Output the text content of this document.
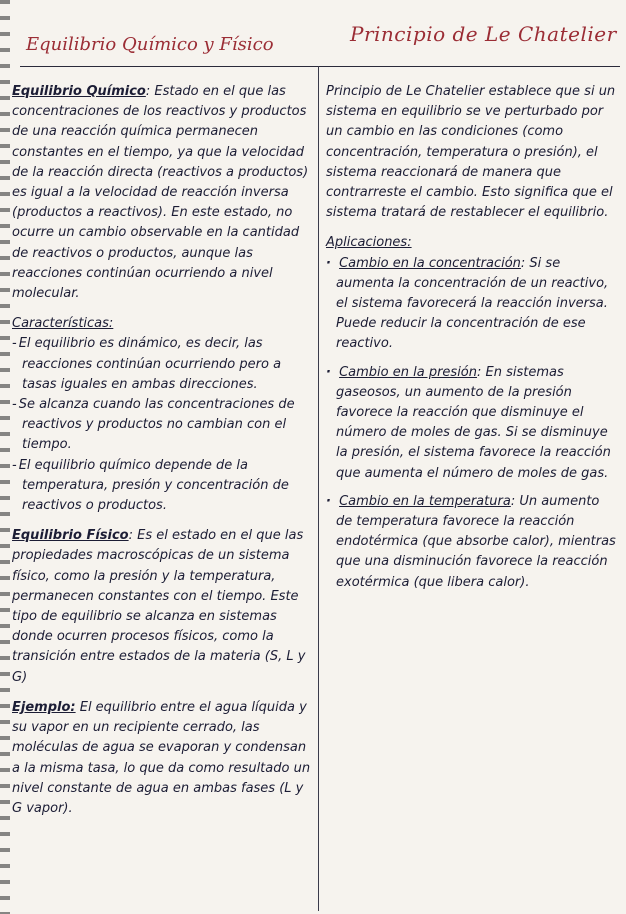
Equilibrio Químico y Físico	Principio de Le Chatelier

Equilibrio Químico: Estado en el que las concentraciones de los reactivos y productos de una reacción química permanecen constantes en el tiempo, ya que la velocidad de la reacción directa (reactivos a productos) es igual a la velocidad de reacción inversa (productos a reactivos). En este estado, no ocurre un cambio observable en la cantidad de reactivos o productos, aunque las reacciones continúan ocurriendo a nivel molecular.

Características:
- El equilibrio es dinámico, es decir, las reacciones continúan ocurriendo pero a tasas iguales en ambas direcciones.
- Se alcanza cuando las concentraciones de reactivos y productos no cambian con el tiempo.
- El equilibrio químico depende de la temperatura, presión y concentración de reactivos o productos.

Equilibrio Físico: Es el estado en el que las propiedades macroscópicas de un sistema físico, como la presión y la temperatura, permanecen constantes con el tiempo. Este tipo de equilibrio se alcanza en sistemas donde ocurren procesos físicos, como la transición entre estados de la materia (S, L y G)

Ejemplo: El equilibrio entre el agua líquida y su vapor en un recipiente cerrado, las moléculas de agua se evaporan y condensan a la misma tasa, lo que da como resultado un nivel constante de agua en ambas fases (L y G vapor).

Principio de Le Chatelier establece que si un sistema en equilibrio se ve perturbado por un cambio en las condiciones (como concentración, temperatura o presión), el sistema reaccionará de manera que contrarreste el cambio. Esto significa que el sistema tratará de restablecer el equilibrio.

Aplicaciones:
· Cambio en la concentración: Si se aumenta la concentración de un reactivo, el sistema favorecerá la reacción inversa. Puede reducir la concentración de ese reactivo.
· Cambio en la presión: En sistemas gaseosos, un aumento de la presión favorece la reacción que disminuye el número de moles de gas. Si se disminuye la presión, el sistema favorece la reacción que aumenta el número de moles de gas.
· Cambio en la temperatura: Un aumento de temperatura favorece la reacción endotérmica (que absorbe calor), mientras que una disminución favorece la reacción exotérmica (que libera calor).
